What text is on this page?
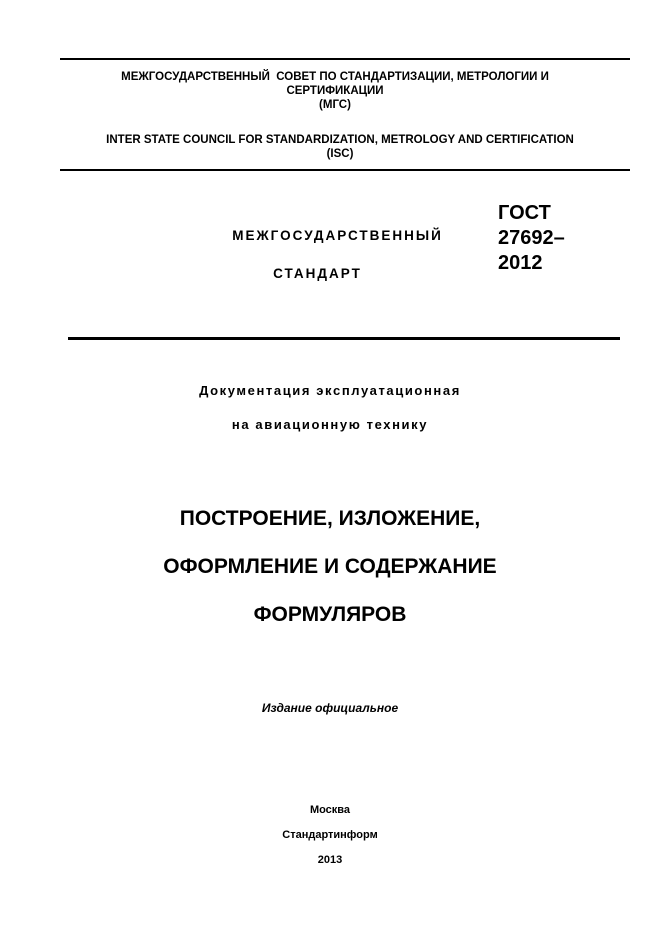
МЕЖГОСУДАРСТВЕННЫЙ  СОВЕТ ПО СТАНДАРТИЗАЦИИ, МЕТРОЛОГИИ И
СЕРТИФИКАЦИИ
(МГС)
INTER STATE COUNCIL FOR STANDARDIZATION, METROLOGY AND CERTIFICATION
(ISC)
МЕЖГОСУДАРСТВЕННЫЙ
СТАНДАРТ
ГОСТ
27692–
2012
Документация эксплуатационная
на авиационную технику
ПОСТРОЕНИЕ, ИЗЛОЖЕНИЕ,
ОФОРМЛЕНИЕ И СОДЕРЖАНИЕ
ФОРМУЛЯРОВ
Издание официальное
Москва
Стандартинформ
2013
